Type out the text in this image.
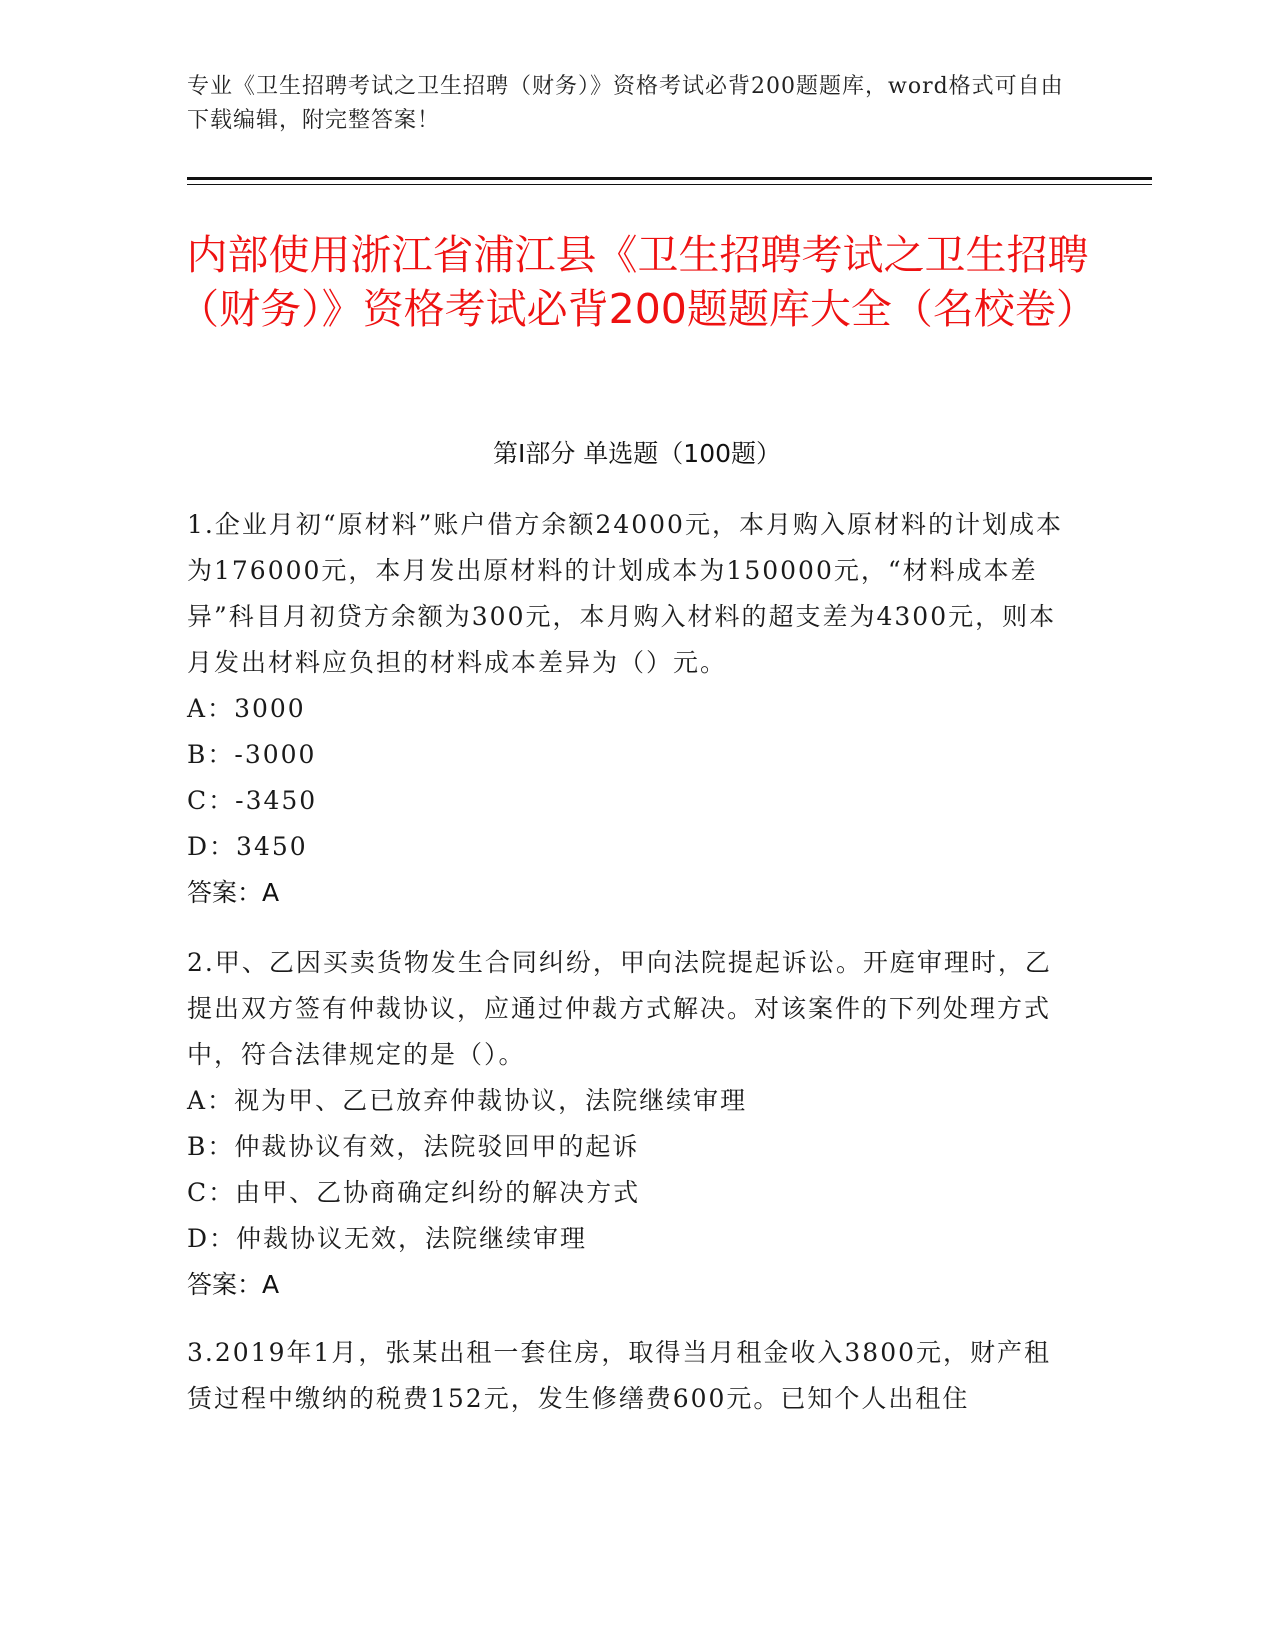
专业《卫生招聘考试之卫生招聘（财务）》资格考试必背200题题库，word格式可自由下载编辑，附完整答案！
内部使用浙江省浦江县《卫生招聘考试之卫生招聘（财务）》资格考试必背200题题库大全（名校卷）
第Ⅰ部分 单选题（100题）
1.企业月初“原材料”账户借方余额24000元，本月购入原材料的计划成本为176000元，本月发出原材料的计划成本为150000元，“材料成本差异”科目月初贷方余额为300元，本月购入材料的超支差为4300元，则本月发出材料应负担的材料成本差异为（）元。
A：3000
B：-3000
C：-3450
D：3450
答案：A
2.甲、乙因买卖货物发生合同纠纷，甲向法院提起诉讼。开庭审理时，乙提出双方签有仲裁协议，应通过仲裁方式解决。对该案件的下列处理方式中，符合法律规定的是（）。
A：视为甲、乙已放弃仲裁协议，法院继续审理
B：仲裁协议有效，法院驳回甲的起诉
C：由甲、乙协商确定纠纷的解决方式
D：仲裁协议无效，法院继续审理
答案：A
3.2019年1月，张某出租一套住房，取得当月租金收入3800元，财产租赁过程中缴纳的税费152元，发生修缮费600元。已知个人出租住
